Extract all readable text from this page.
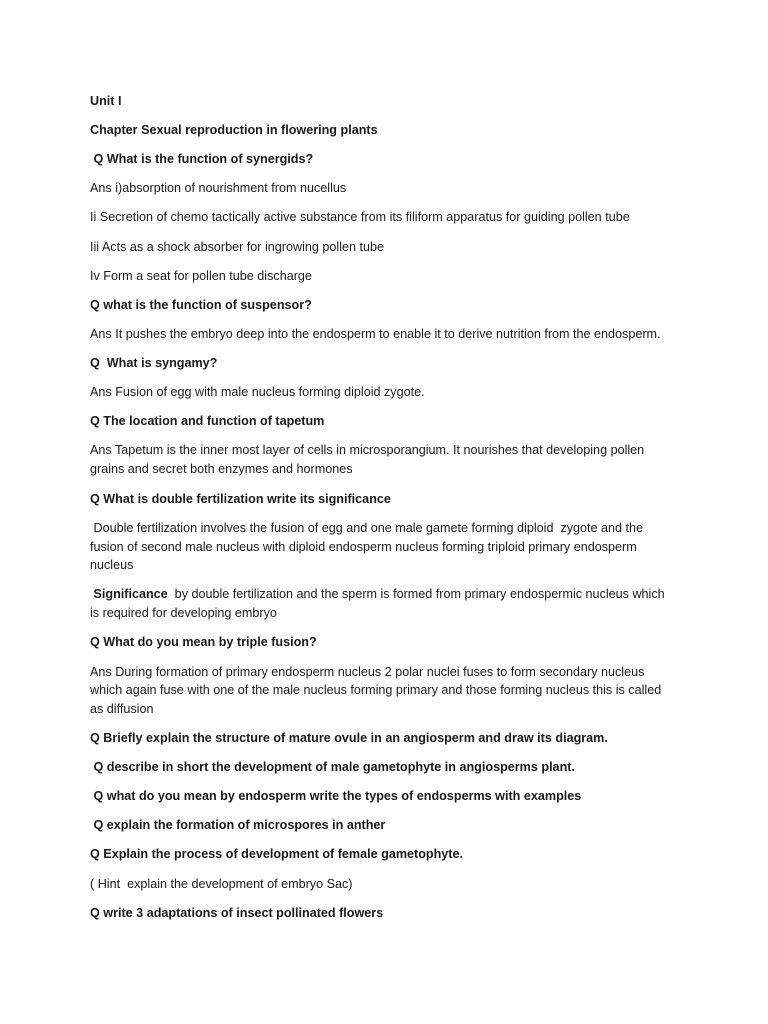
Unit I

Chapter Sexual reproduction in flowering plants

Q What is the function of synergids?

Ans i)absorption of nourishment from nucellus

Ii Secretion of chemo tactically active substance from its filiform apparatus for guiding pollen tube

Iii Acts as a shock absorber for ingrowing pollen tube

Iv Form a seat for pollen tube discharge

Q what is the function of suspensor?

Ans It pushes the embryo deep into the endosperm to enable it to derive nutrition from the endosperm.

Q  What is syngamy?

Ans Fusion of egg with male nucleus forming diploid zygote.

Q The location and function of tapetum

Ans Tapetum is the inner most layer of cells in microsporangium. It nourishes that developing pollen

grains and secret both enzymes and hormones

Q What is double fertilization write its significance

Double fertilization involves the fusion of egg and one male gamete forming diploid  zygote and the

fusion of second male nucleus with diploid endosperm nucleus forming triploid primary endosperm

nucleus

Significance  by double fertilization and the sperm is formed from primary endospermic nucleus which

is required for developing embryo

Q What do you mean by triple fusion?

Ans During formation of primary endosperm nucleus 2 polar nuclei fuses to form secondary nucleus

which again fuse with one of the male nucleus forming primary and those forming nucleus this is called

as diffusion

Q Briefly explain the structure of mature ovule in an angiosperm and draw its diagram.

Q describe in short the development of male gametophyte in angiosperms plant.

Q what do you mean by endosperm write the types of endosperms with examples

Q explain the formation of microspores in anther

Q Explain the process of development of female gametophyte.

( Hint  explain the development of embryo Sac)

Q write 3 adaptations of insect pollinated flowers
